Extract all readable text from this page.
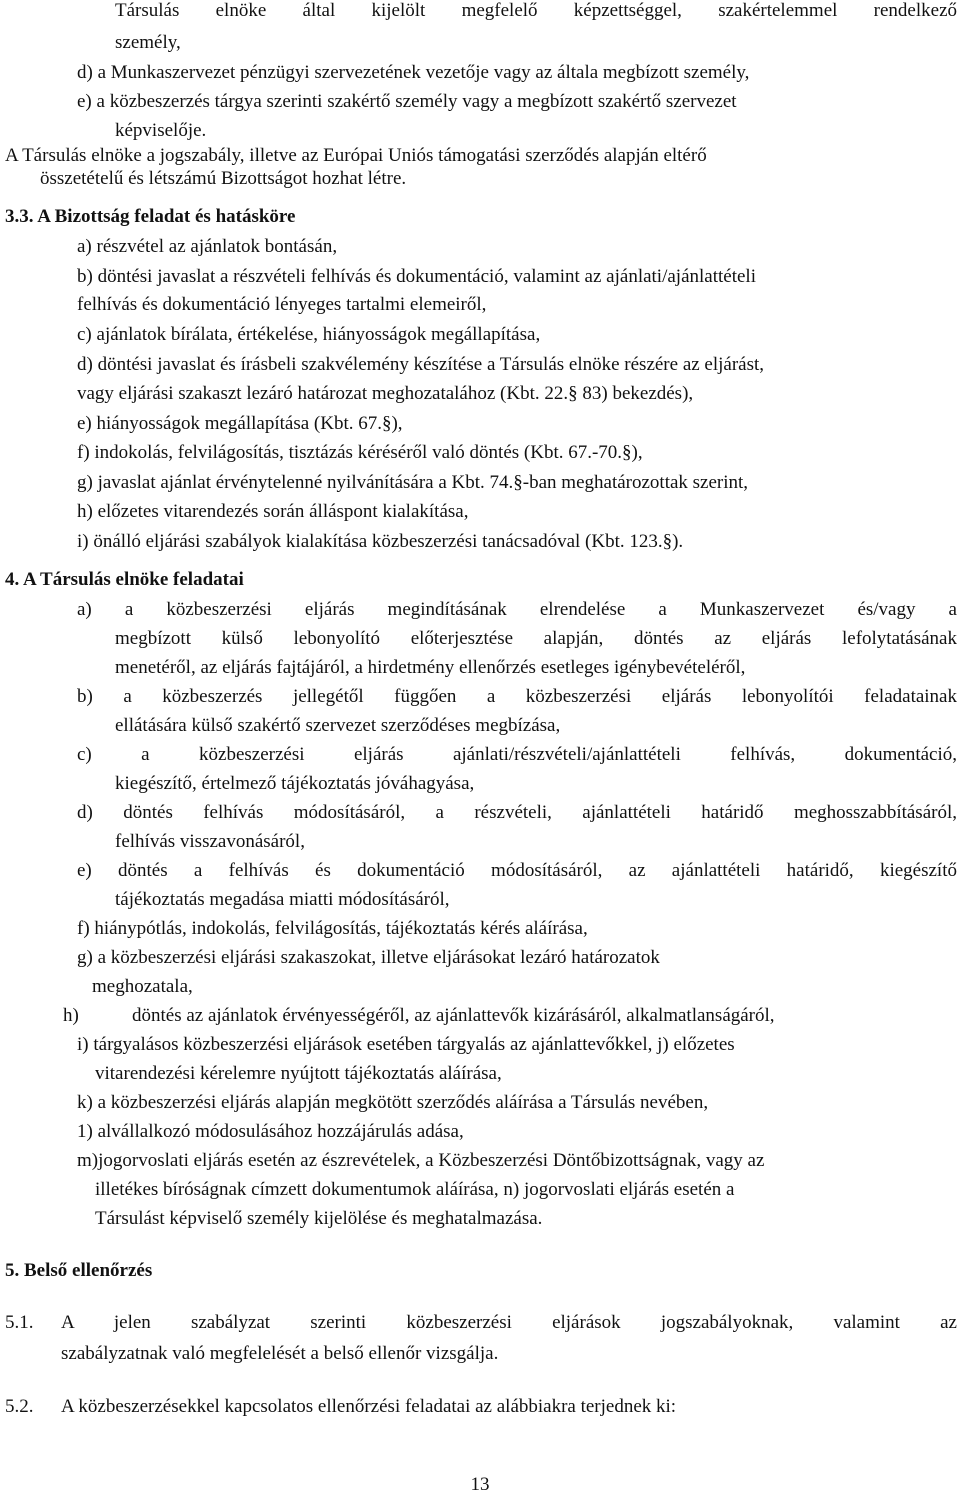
Társulás elnöke által kijelölt megfelelő képzettséggel, szakértelemmel rendelkező
személy,
d) a Munkaszervezet pénzügyi szervezetének vezetője vagy az általa megbízott személy,
e) a közbeszerzés tárgya szerinti szakértő személy vagy a megbízott szakértő szervezet
képviselője.
A Társulás elnöke a jogszabály, illetve az Európai Uniós támogatási szerződés alapján eltérő
összetételű és létszámú Bizottságot hozhat létre.
3.3. A Bizottság feladat és hatásköre
a) részvétel az ajánlatok bontásán,
b) döntési javaslat a részvételi felhívás és dokumentáció, valamint az ajánlati/ajánlattételi
felhívás és dokumentáció lényeges tartalmi elemeiről,
c) ajánlatok bírálata, értékelése, hiányosságok megállapítása,
d) döntési javaslat és írásbeli szakvélemény készítése a Társulás elnöke részére az eljárást,
vagy eljárási szakaszt lezáró határozat meghozatalához (Kbt. 22.§ 83) bekezdés),
e) hiányosságok megállapítása (Kbt. 67.§),
f) indokolás, felvilágosítás, tisztázás kéréséről való döntés (Kbt. 67.-70.§),
g) javaslat ajánlat érvénytelenné nyilvánítására a Kbt. 74.§-ban meghatározottak szerint,
h) előzetes vitarendezés során álláspont kialakítása,
i) önálló eljárási szabályok kialakítása közbeszerzési tanácsadóval (Kbt. 123.§).
4. A Társulás elnöke feladatai
a) a közbeszerzési eljárás megindításának elrendelése a Munkaszervezet és/vagy a
megbízott külső lebonyolító előterjesztése alapján, döntés az eljárás lefolytatásának
menetéről, az eljárás fajtájáról, a hirdetmény ellenőrzés esetleges igénybevételéről,
b) a közbeszerzés jellegétől függően a közbeszerzési eljárás lebonyolítói feladatainak
ellátására külső szakértő szervezet szerződéses megbízása,
c) a közbeszerzési eljárás ajánlati/részvételi/ajánlattételi felhívás, dokumentáció,
kiegészítő, értelmező tájékoztatás jóváhagyása,
d) döntés felhívás módosításáról, a részvételi, ajánlattételi határidő meghosszabbításáról,
felhívás visszavonásáról,
e) döntés a felhívás és dokumentáció módosításáról, az ajánlattételi határidő, kiegészítő
tájékoztatás megadása miatti módosításáról,
f) hiánypótlás, indokolás, felvilágosítás, tájékoztatás kérés aláírása,
g) a közbeszerzési eljárási szakaszokat, illetve eljárásokat lezáró határozatok
meghozatala,
h)	döntés az ajánlatok érvényességéről, az ajánlattevők kizárásáról, alkalmatlanságáról,
i) tárgyalásos közbeszerzési eljárások esetében tárgyalás az ajánlattevőkkel, j) előzetes
vitarendezési kérelemre nyújtott tájékoztatás aláírása,
k) a közbeszerzési eljárás alapján megkötött szerződés aláírása a Társulás nevében,
1) alvállalkozó módosulásához hozzájárulás adása,
m)jogorvoslati eljárás esetén az észrevételek, a Közbeszerzési Döntőbizottságnak, vagy az
illetékes bíróságnak címzett dokumentumok aláírása, n) jogorvoslati eljárás esetén a
Társulást képviselő személy kijelölése és meghatalmazása.
5. Belső ellenőrzés
5.1. A jelen szabályzat szerinti közbeszerzési eljárások jogszabályoknak, valamint az
szabályzatnak való megfelelését a belső ellenőr vizsgálja.
5.2. A közbeszerzésekkel kapcsolatos ellenőrzési feladatai az alábbiakra terjednek ki:
13
